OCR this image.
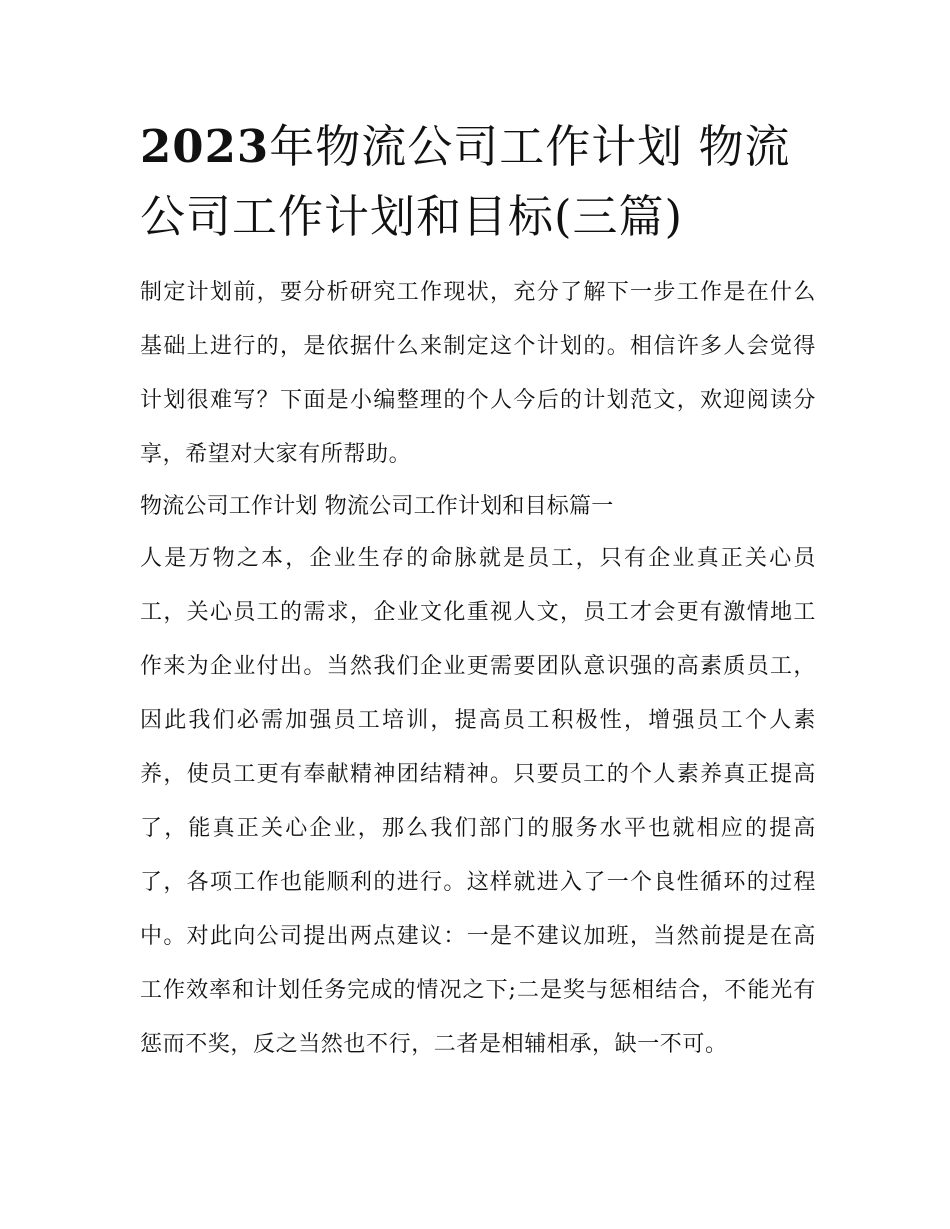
2023年物流公司工作计划 物流公司工作计划和目标(三篇)

制定计划前，要分析研究工作现状，充分了解下一步工作是在什么基础上进行的，是依据什么来制定这个计划的。相信许多人会觉得计划很难写？下面是小编整理的个人今后的计划范文，欢迎阅读分享，希望对大家有所帮助。

物流公司工作计划 物流公司工作计划和目标篇一

人是万物之本，企业生存的命脉就是员工，只有企业真正关心员工，关心员工的需求，企业文化重视人文，员工才会更有激情地工作来为企业付出。当然我们企业更需要团队意识强的高素质员工，因此我们必需加强员工培训，提高员工积极性，增强员工个人素养，使员工更有奉献精神团结精神。只要员工的个人素养真正提高了，能真正关心企业，那么我们部门的服务水平也就相应的提高了，各项工作也能顺利的进行。这样就进入了一个良性循环的过程中。对此向公司提出两点建议：一是不建议加班，当然前提是在高工作效率和计划任务完成的情况之下;二是奖与惩相结合，不能光有惩而不奖，反之当然也不行，二者是相辅相承，缺一不可。
